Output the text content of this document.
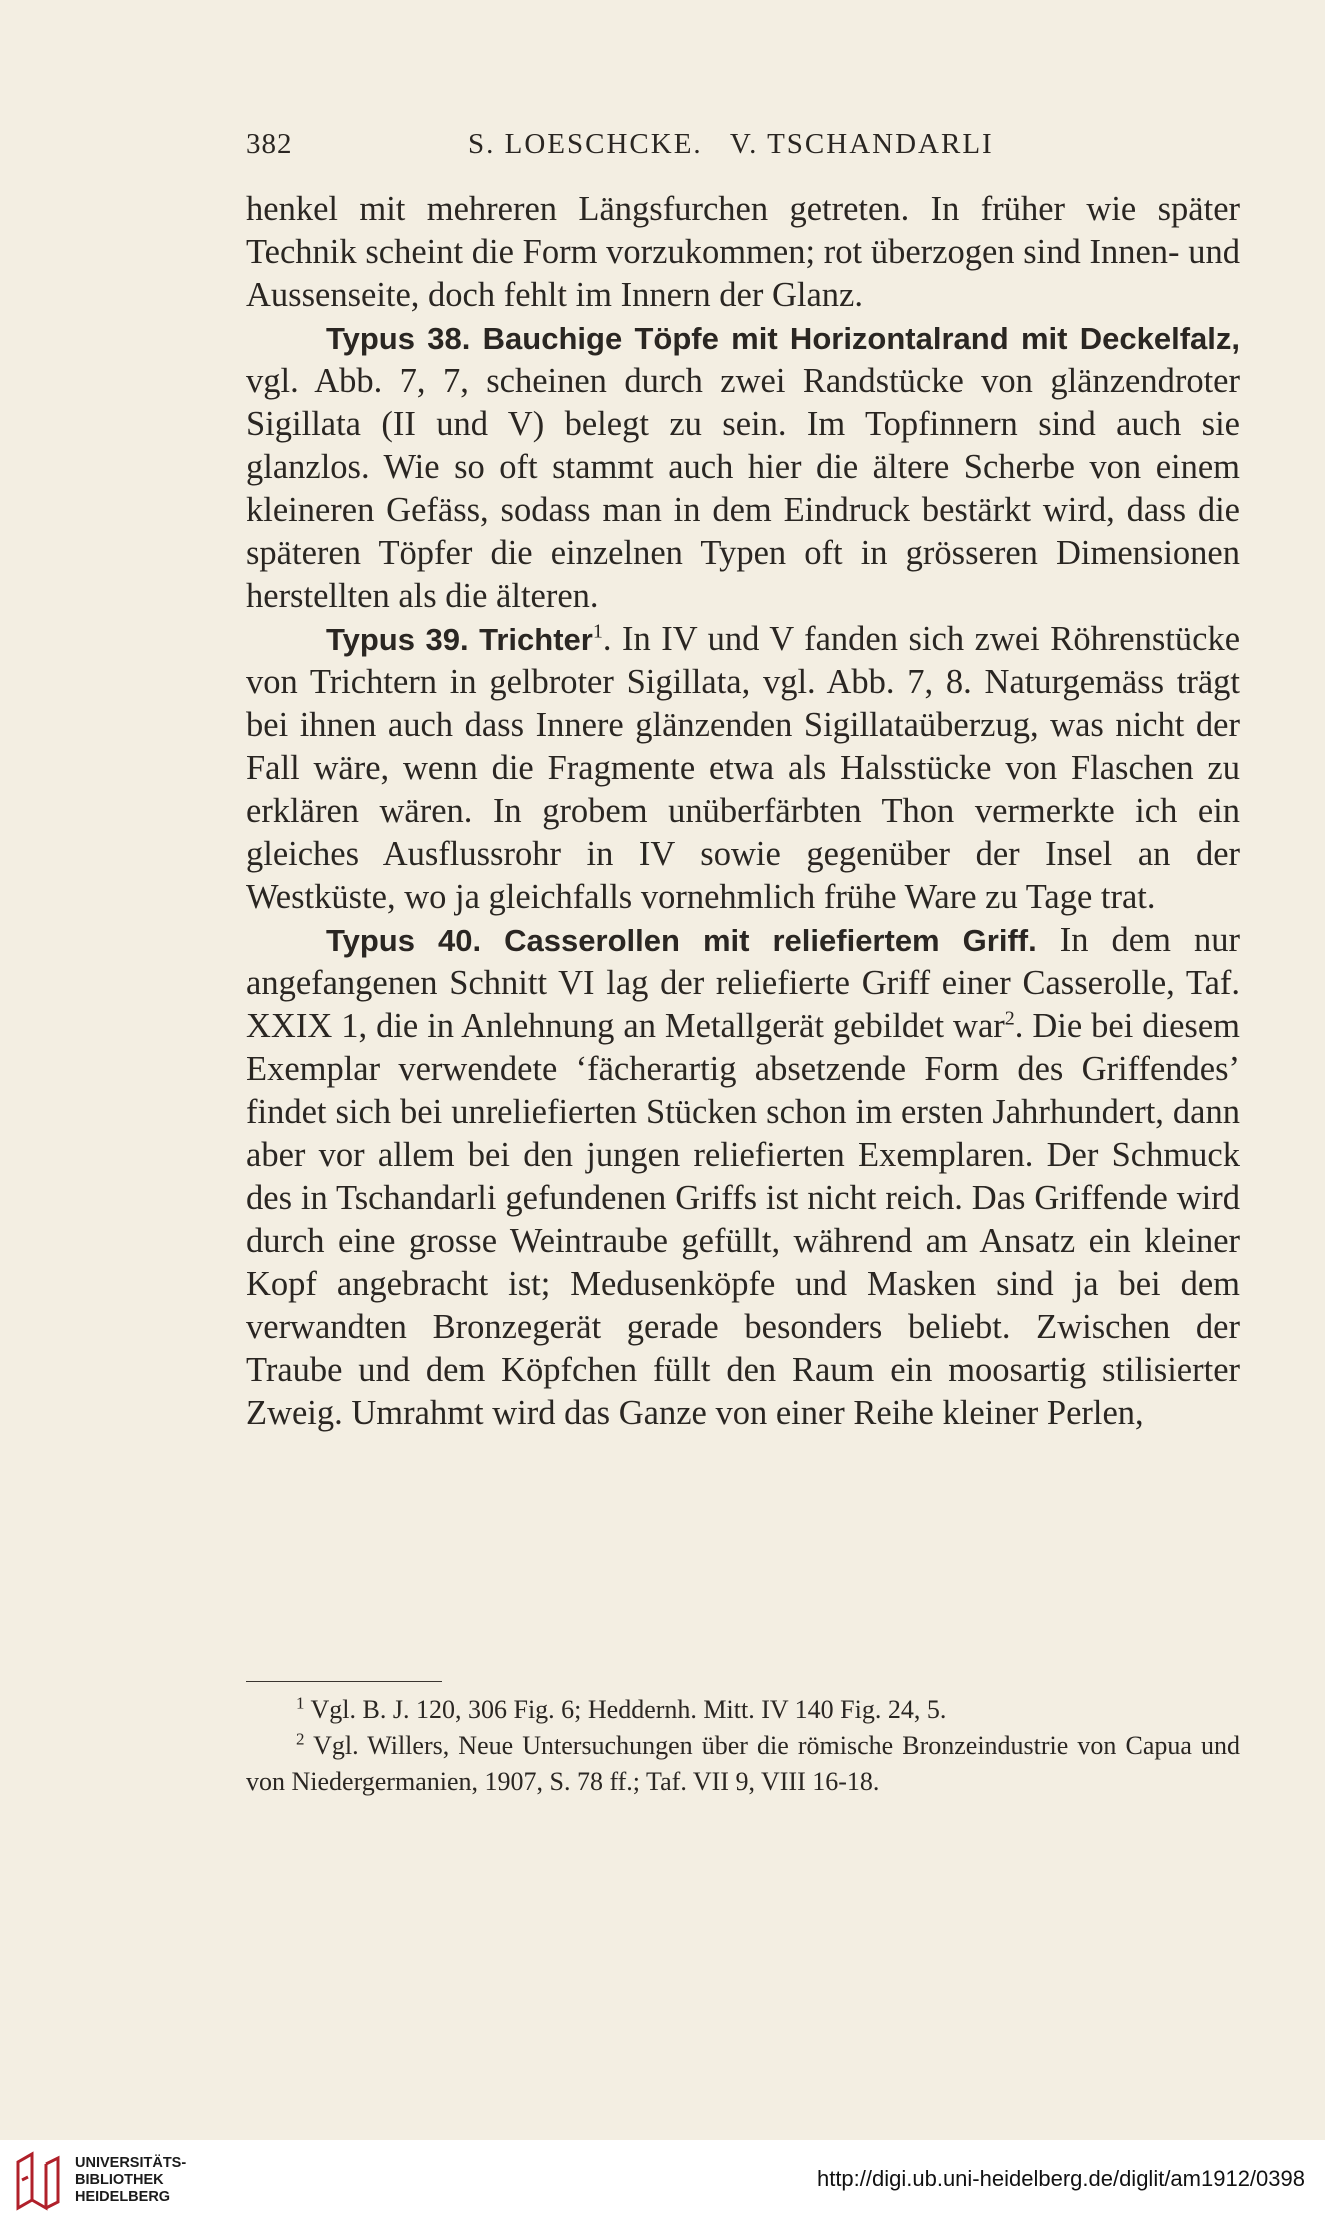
382	S. LOESCHCKE.   V. TSCHANDARLI

henkel mit mehreren Längsfurchen getreten. In früher wie später Technik scheint die Form vorzukommen; rot überzogen sind Innen- und Aussenseite, doch fehlt im Innern der Glanz.

Typus 38. Bauchige Töpfe mit Horizontalrand mit Deckelfalz, vgl. Abb. 7, 7, scheinen durch zwei Randstücke von glänzendroter Sigillata (II und V) belegt zu sein. Im Topfinnern sind auch sie glanzlos. Wie so oft stammt auch hier die ältere Scherbe von einem kleineren Gefäss, sodass man in dem Eindruck bestärkt wird, dass die späteren Töpfer die einzelnen Typen oft in grösseren Dimensionen herstellten als die älteren.

Typus 39. Trichter$^1$. In IV und V fanden sich zwei Röhrenstücke von Trichtern in gelbroter Sigillata, vgl. Abb. 7, 8. Naturgemäss trägt bei ihnen auch dass Innere glänzenden Sigillataüberzug, was nicht der Fall wäre, wenn die Fragmente etwa als Halsstücke von Flaschen zu erklären wären. In grobem unüberfärbten Thon vermerkte ich ein gleiches Ausflussrohr in IV sowie gegenüber der Insel an der Westküste, wo ja gleichfalls vornehmlich frühe Ware zu Tage trat.

Typus 40. Casserollen mit reliefiertem Griff. In dem nur angefangenen Schnitt VI lag der reliefierte Griff einer Casserolle, Taf. XXIX 1, die in Anlehnung an Metallgerät gebildet war$^2$. Die bei diesem Exemplar verwendete ‘fächerartig absetzende Form des Griffendes’ findet sich bei unreliefierten Stücken schon im ersten Jahrhundert, dann aber vor allem bei den jungen reliefierten Exemplaren. Der Schmuck des in Tschandarli gefundenen Griffs ist nicht reich. Das Griffende wird durch eine grosse Weintraube gefüllt, während am Ansatz ein kleiner Kopf angebracht ist; Medusenköpfe und Masken sind ja bei dem verwandten Bronzegerät gerade besonders beliebt. Zwischen der Traube und dem Köpfchen füllt den Raum ein moosartig stilisierter Zweig. Umrahmt wird das Ganze von einer Reihe kleiner Perlen,

$^1$ Vgl. B. J. 120, 306 Fig. 6; Heddernh. Mitt. IV 140 Fig. 24, 5.

$^2$ Vgl. Willers, Neue Untersuchungen über die römische Bronzeindustrie von Capua und von Niedergermanien, 1907, S. 78 ff.; Taf. VII 9, VIII 16-18.

UNIVERSITÄTS-
BIBLIOTHEK
HEIDELBERG
http://digi.ub.uni-heidelberg.de/diglit/am1912/0398
